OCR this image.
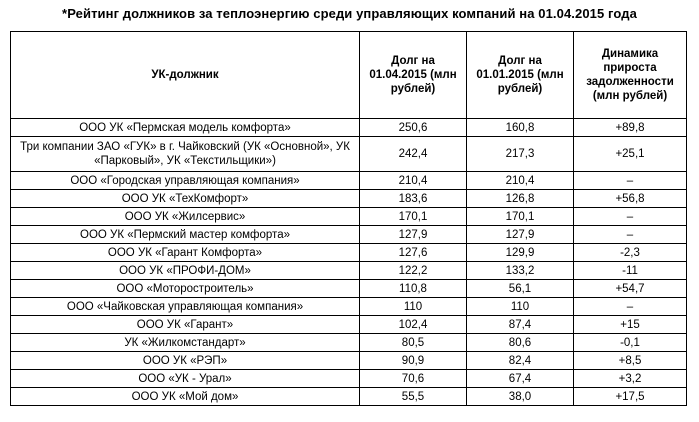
*Рейтинг должников за теплоэнергию среди управляющих компаний на 01.04.2015 года
УК-должник	Долг на 01.04.2015 (млн рублей)	Долг на 01.01.2015 (млн рублей)	Динамика прироста задолженности (млн рублей)
ООО УК «Пермская модель комфорта»	250,6	160,8	+89,8
Три компании ЗАО «ГУК» в г. Чайковский (УК «Основной», УК «Парковый», УК «Текстильщики»)	242,4	217,3	+25,1
ООО «Городская управляющая компания»	210,4	210,4	–
ООО УК «ТехКомфорт»	183,6	126,8	+56,8
ООО УК «Жилсервис»	170,1	170,1	–
ООО УК «Пермский мастер комфорта»	127,9	127,9	–
ООО УК «Гарант Комфорта»	127,6	129,9	-2,3
ООО УК «ПРОФИ-ДОМ»	122,2	133,2	-11
ООО «Моторостроитель»	110,8	56,1	+54,7
ООО «Чайковская управляющая компания»	110	110	–
ООО УК «Гарант»	102,4	87,4	+15
УК «Жилкомстандарт»	80,5	80,6	-0,1
ООО УК «РЭП»	90,9	82,4	+8,5
ООО «УК - Урал»	70,6	67,4	+3,2
ООО УК «Мой дом»	55,5	38,0	+17,5
